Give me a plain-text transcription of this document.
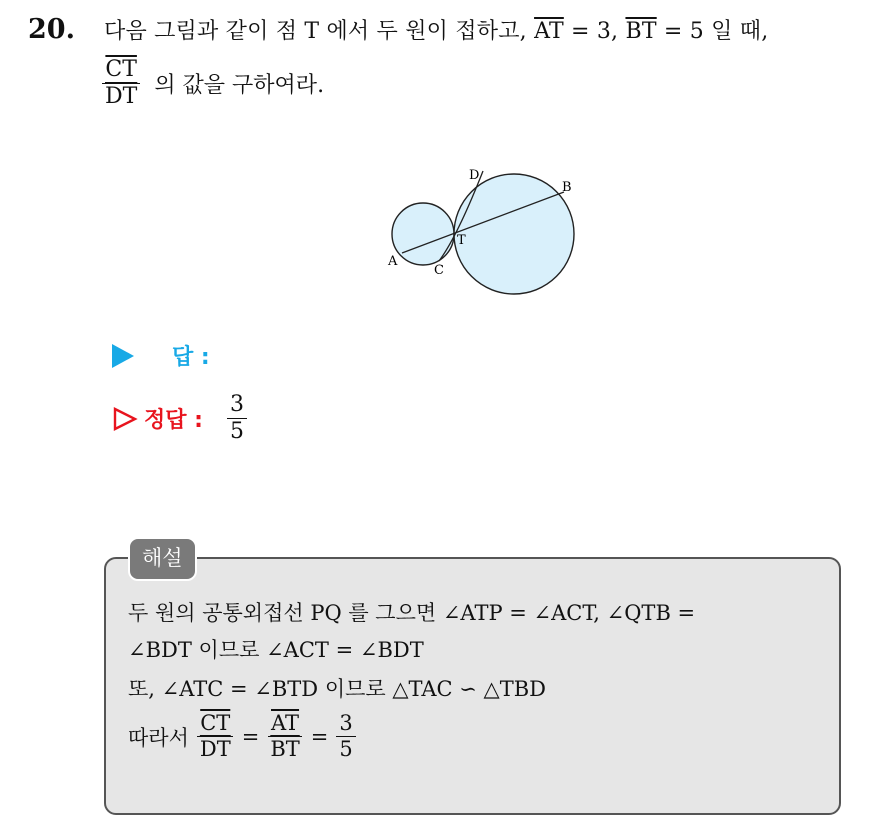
20. 다음 그림과 같이 점 T 에서 두 원이 접하고, $\overline{AT} = 3$, $\overline{BT} = 5$ 일 때,
$\frac{\overline{CT}}{DT}$ 의 값을 구하여라.
A
B
C
D
T
답 :
정답 : $\frac{3}{5}$
해설
두 원의 공통외접선 PQ 를 그으면 ∠ATP = ∠ACT, ∠QTB =
∠BDT 이므로 ∠ACT = ∠BDT
또, ∠ATC = ∠BTD 이므로 △TAC ∽ △TBD
따라서 $\frac{\overline{CT}}{DT} = \frac{\overline{AT}}{BT} = \frac{3}{5}$
